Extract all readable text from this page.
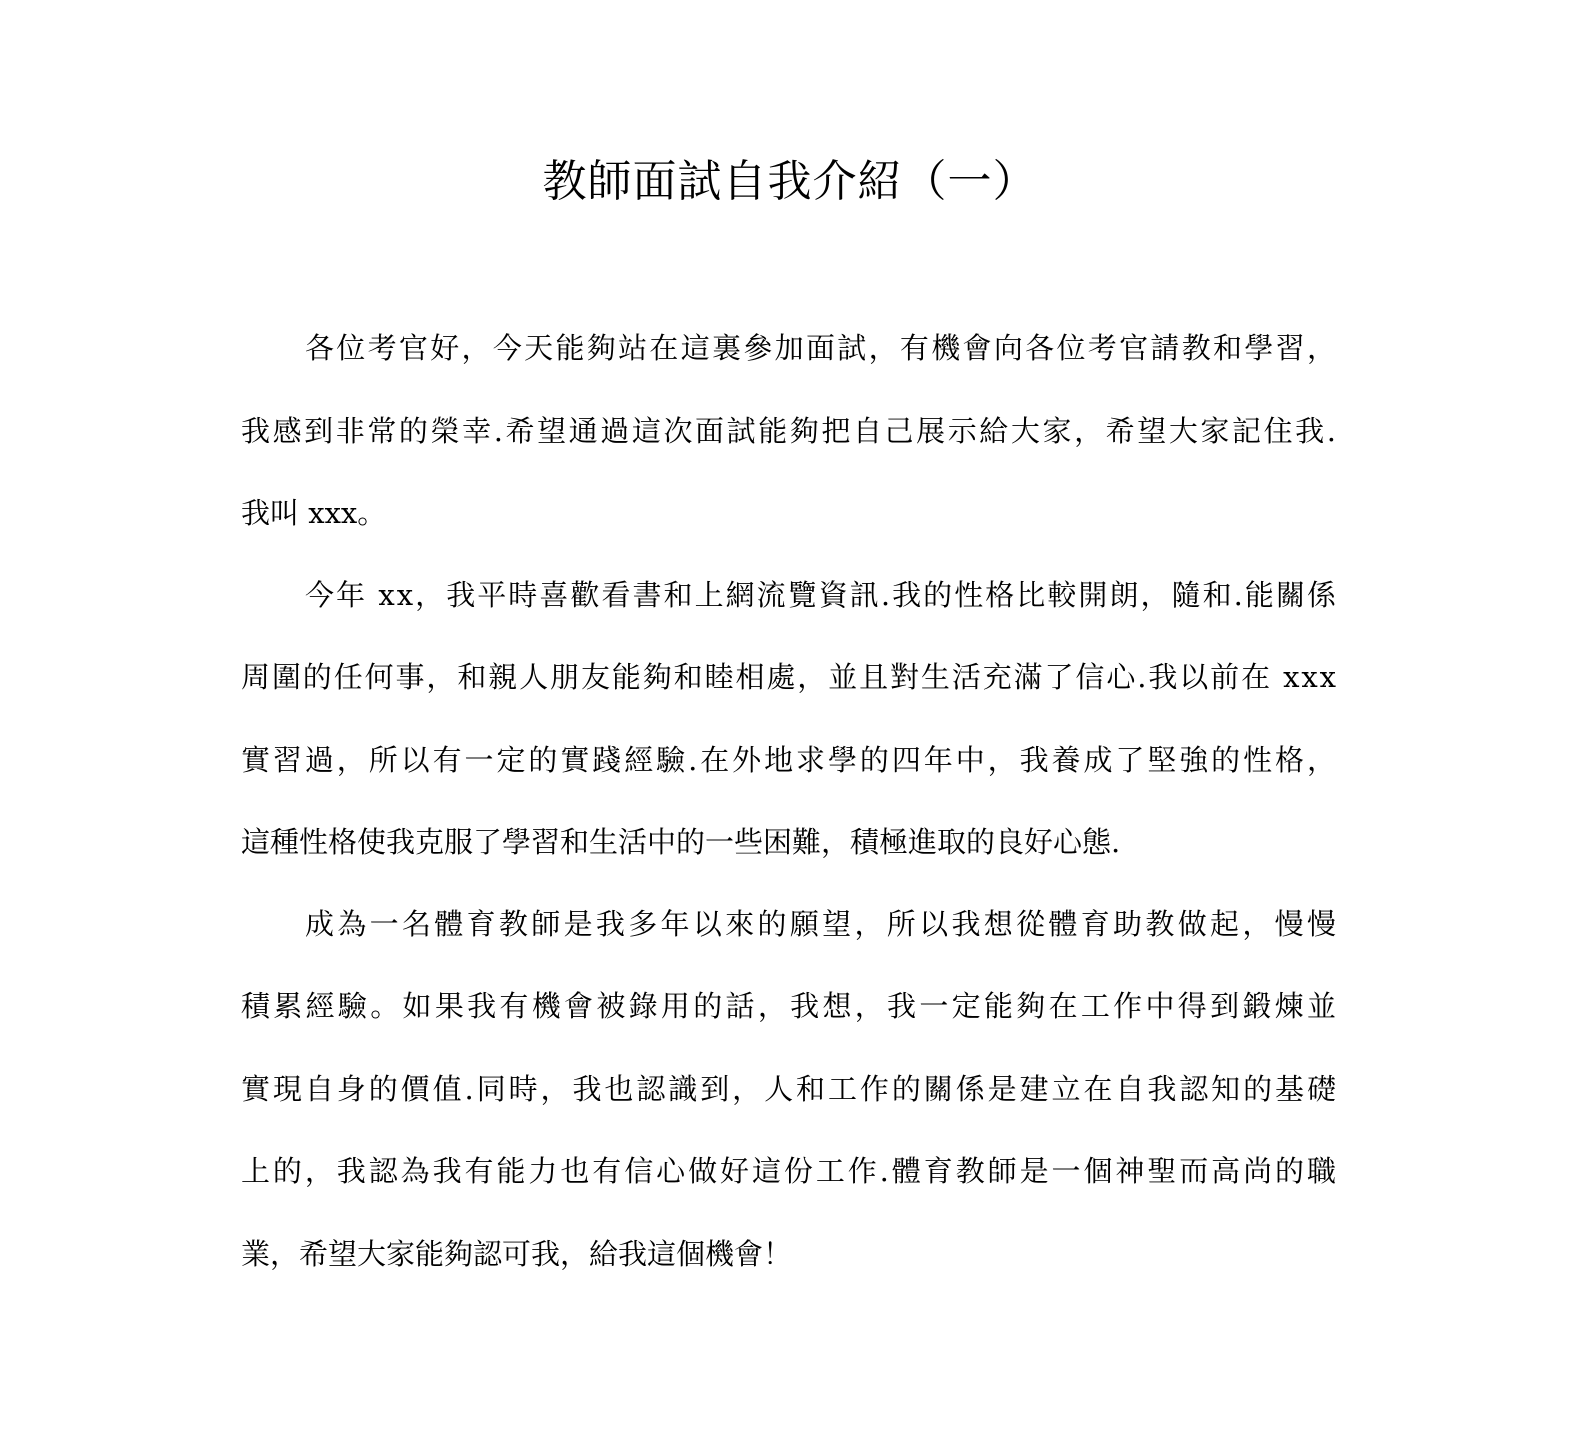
教師面試自我介紹（一）
各位考官好，今天能夠站在這裏參加面試，有機會向各位考官請教和學習，
我感到非常的榮幸.希望通過這次面試能夠把自己展示給大家，希望大家記住我.
我叫 xxx。
今年 xx，我平時喜歡看書和上網流覽資訊.我的性格比較開朗，隨和.能關係
周圍的任何事，和親人朋友能夠和睦相處，並且對生活充滿了信心.我以前在 xxx
實習過，所以有一定的實踐經驗.在外地求學的四年中，我養成了堅強的性格，
這種性格使我克服了學習和生活中的一些困難，積極進取的良好心態.
成為一名體育教師是我多年以來的願望，所以我想從體育助教做起，慢慢
積累經驗。如果我有機會被錄用的話，我想，我一定能夠在工作中得到鍛煉並
實現自身的價值.同時，我也認識到，人和工作的關係是建立在自我認知的基礎
上的，我認為我有能力也有信心做好這份工作.體育教師是一個神聖而高尚的職
業，希望大家能夠認可我，給我這個機會！
